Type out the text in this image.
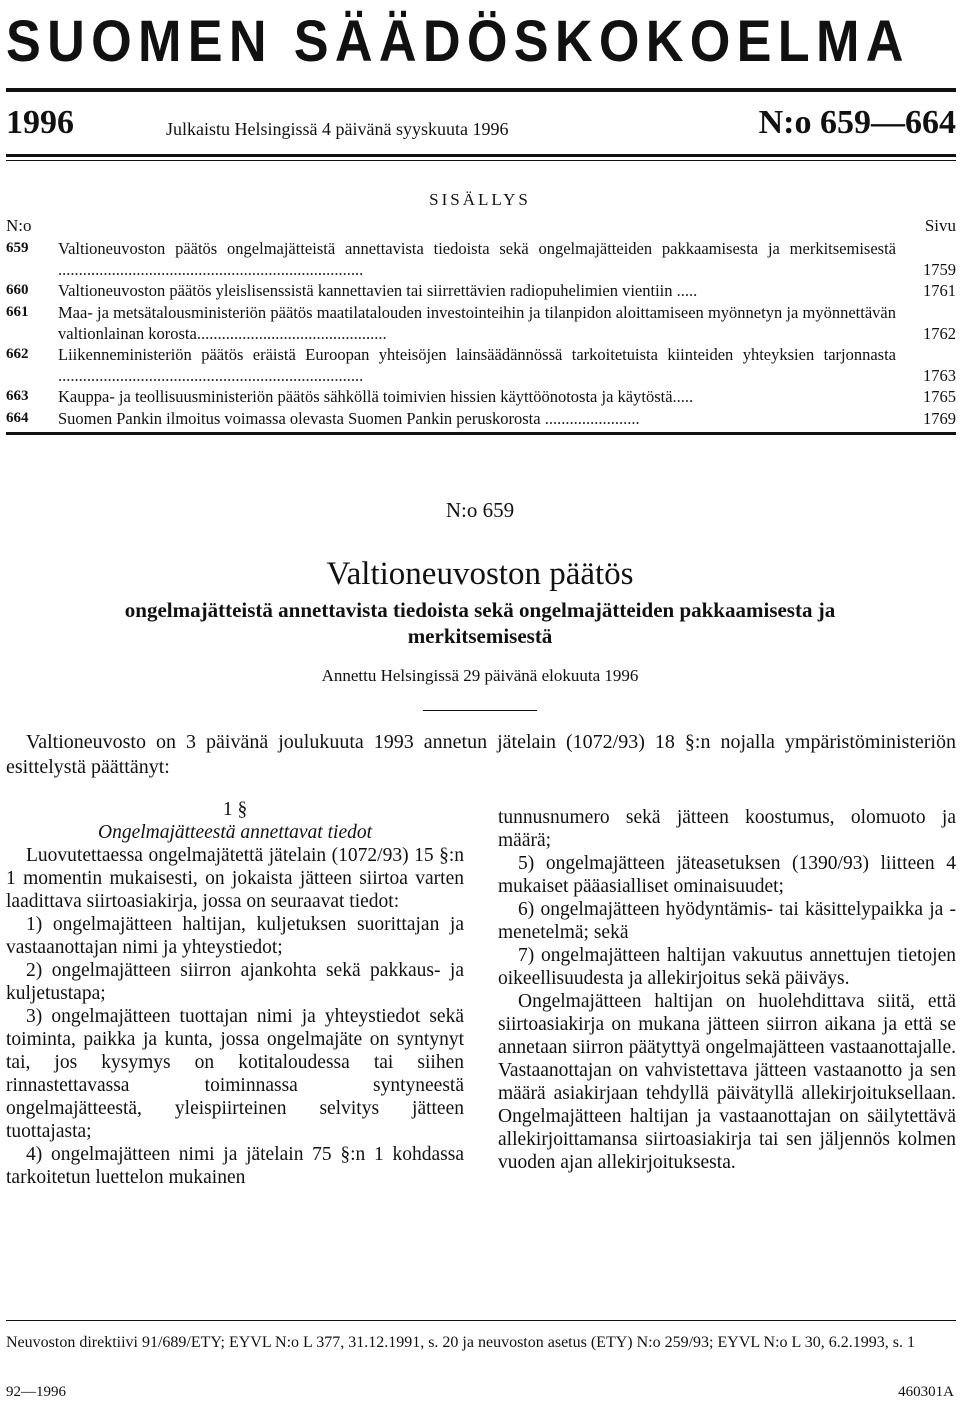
SUOMEN SÄÄDÖSKOKOELMA
1996	Julkaistu Helsingissä 4 päivänä syyskuuta 1996	N:o 659—664
SISÄLLYS
N:o	Sivu
659	Valtioneuvoston päätös ongelmajätteistä annettavista tiedoista sekä ongelmajätteiden pakkaamisesta ja merkitsemisestä ..........................................................................	1759
660	Valtioneuvoston päätös yleislisenssistä kannettavien tai siirrettävien radiopuhelimien vientiin .....	1761
661	Maa- ja metsätalousministeriön päätös maatilatalouden investointeihin ja tilanpidon aloittamiseen myönnetyn ja myönnettävän valtionlainan korosta..............................................	1762
662	Liikenneministeriön päätös eräistä Euroopan yhteisöjen lainsäädännössä tarkoitetuista kiinteiden yhteyksien tarjonnasta ..........................................................................	1763
663	Kauppa- ja teollisuusministeriön päätös sähköllä toimivien hissien käyttöönotosta ja käytöstä.....	1765
664	Suomen Pankin ilmoitus voimassa olevasta Suomen Pankin peruskorosta .......................	1769
N:o 659
Valtioneuvoston päätös
ongelmajätteistä annettavista tiedoista sekä ongelmajätteiden pakkaamisesta ja merkitsemisestä
Annettu Helsingissä 29 päivänä elokuuta 1996
Valtioneuvosto on 3 päivänä joulukuuta 1993 annetun jätelain (1072/93) 18 §:n nojalla ympäristöministeriön esittelystä päättänyt:

1 §

Ongelmajätteestä annettavat tiedot

Luovutettaessa ongelmajätettä jätelain (1072/93) 15 §:n 1 momentin mukaisesti, on jokaista jätteen siirtoa varten laadittava siirtoasiakirja, jossa on seuraavat tiedot:

1) ongelmajätteen haltijan, kuljetuksen suorittajan ja vastaanottajan nimi ja yhteystiedot;

2) ongelmajätteen siirron ajankohta sekä pakkaus- ja kuljetustapa;

3) ongelmajätteen tuottajan nimi ja yhteystiedot sekä toiminta, paikka ja kunta, jossa ongelmajäte on syntynyt tai, jos kysymys on kotitaloudessa tai siihen rinnastettavassa toiminnassa syntyneestä ongelmajätteestä, yleispiirteinen selvitys jätteen tuottajasta;

4) ongelmajätteen nimi ja jätelain 75 §:n 1 kohdassa tarkoitetun luettelon mukainen

tunnusnumero sekä jätteen koostumus, olomuoto ja määrä;

5) ongelmajätteen jäteasetuksen (1390/93) liitteen 4 mukaiset pääasialliset ominaisuudet;

6) ongelmajätteen hyödyntämis- tai käsittelypaikka ja -menetelmä; sekä

7) ongelmajätteen haltijan vakuutus annettujen tietojen oikeellisuudesta ja allekirjoitus sekä päiväys.

Ongelmajätteen haltijan on huolehdittava siitä, että siirtoasiakirja on mukana jätteen siirron aikana ja että se annetaan siirron päätyttyä ongelmajätteen vastaanottajalle. Vastaanottajan on vahvistettava jätteen vastaanotto ja sen määrä asiakirjaan tehdyllä päivätyllä allekirjoituksellaan. Ongelmajätteen haltijan ja vastaanottajan on säilytettävä allekirjoittamansa siirtoasiakirja tai sen jäljennös kolmen vuoden ajan allekirjoituksesta.

Neuvoston direktiivi 91/689/ETY; EYVL N:o L 377, 31.12.1991, s. 20 ja neuvoston asetus (ETY) N:o 259/93; EYVL N:o L 30, 6.2.1993, s. 1
92—1996	460301A
